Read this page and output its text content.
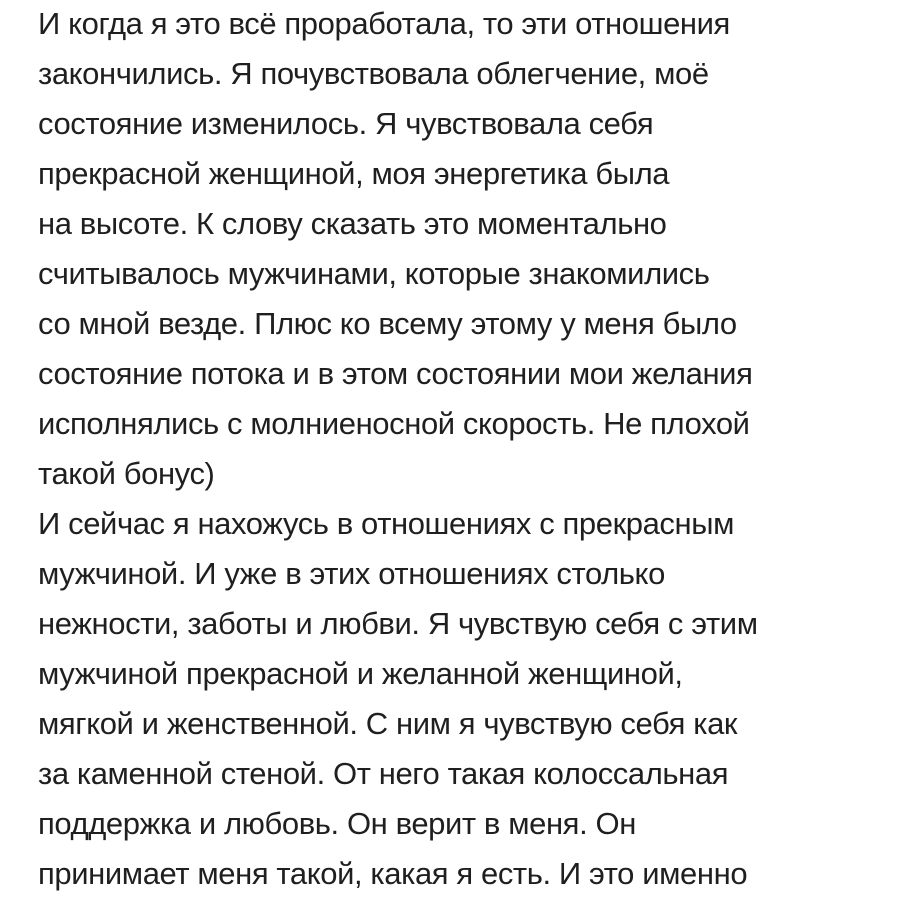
И когда я это всё проработала, то эти отношения
закончились. Я почувствовала облегчение, моё
состояние изменилось. Я чувствовала себя
прекрасной женщиной, моя энергетика была
на высоте. К слову сказать это моментально
считывалось мужчинами, которые знакомились
со мной везде. Плюс ко всему этому у меня было
состояние потока и в этом состоянии мои желания
исполнялись с молниеносной скорость. Не плохой
такой бонус)
И сейчас я нахожусь в отношениях с прекрасным
мужчиной. И уже в этих отношениях столько
нежности, заботы и любви. Я чувствую себя с этим
мужчиной прекрасной и желанной женщиной,
мягкой и женственной. С ним я чувствую себя как
за каменной стеной. От него такая колоссальная
поддержка и любовь. Он верит в меня. Он
принимает меня такой, какая я есть. И это именно
